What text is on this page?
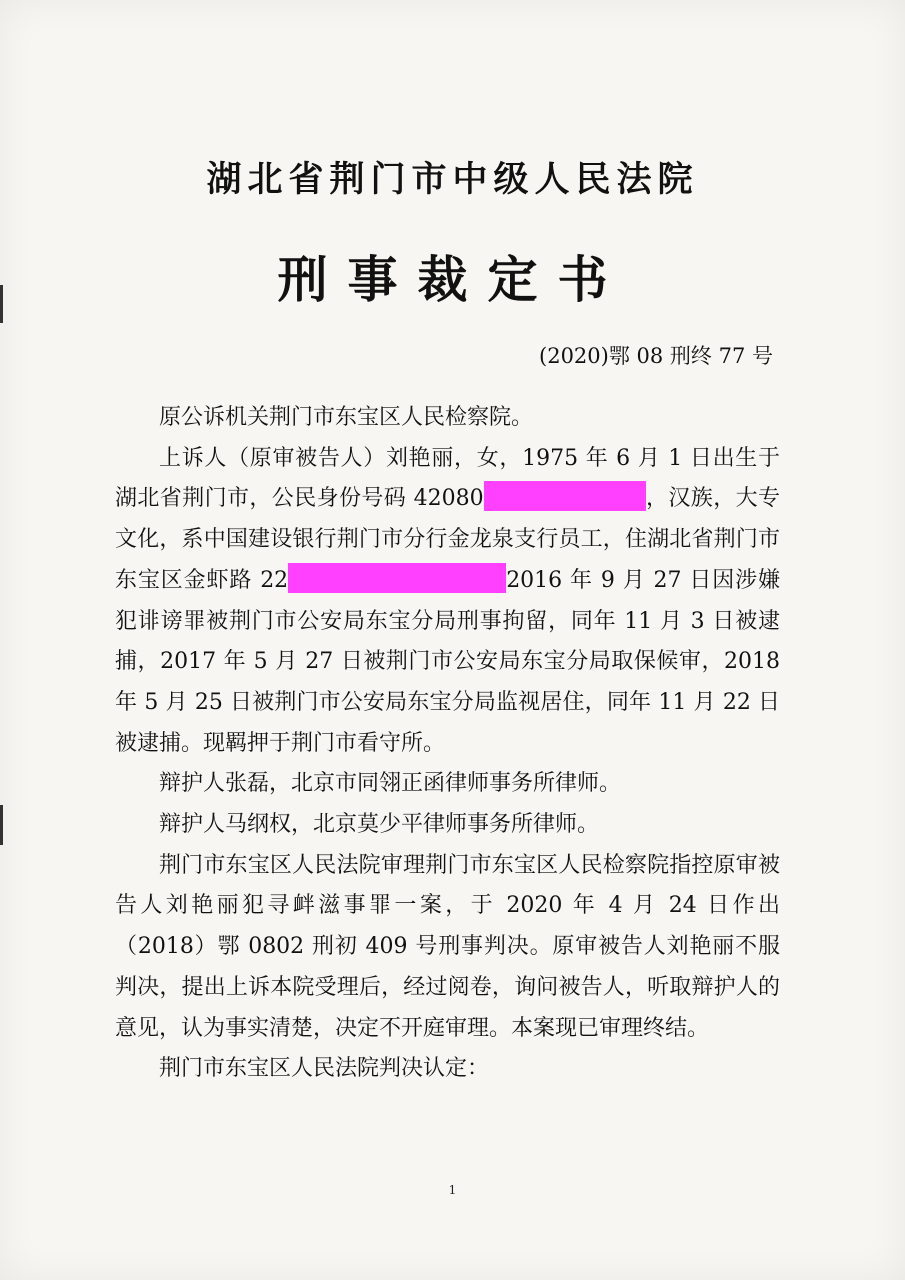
湖北省荆门市中级人民法院
刑事裁定书
(2020)鄂 08 刑终 77 号

原公诉机关荆门市东宝区人民检察院。

上诉人（原审被告人）刘艳丽，女，1975 年 6 月 1 日出生于湖北省荆门市，公民身份号码 42080	，汉族，大专文化，系中国建设银行荆门市分行金龙泉支行员工，住湖北省荆门市东宝区金虾路 22	2016 年 9 月 27 日因涉嫌犯诽谤罪被荆门市公安局东宝分局刑事拘留，同年 11 月 3 日被逮捕，2017 年 5 月 27 日被荆门市公安局东宝分局取保候审，2018 年 5 月 25 日被荆门市公安局东宝分局监视居住，同年 11 月 22 日被逮捕。现羁押于荆门市看守所。

辩护人张磊，北京市同翎正函律师事务所律师。

辩护人马纲权，北京莫少平律师事务所律师。

荆门市东宝区人民法院审理荆门市东宝区人民检察院指控原审被告人刘艳丽犯寻衅滋事罪一案，于 2020 年 4 月 24 日作出（2018）鄂 0802 刑初 409 号刑事判决。原审被告人刘艳丽不服判决，提出上诉本院受理后，经过阅卷，询问被告人，听取辩护人的意见，认为事实清楚，决定不开庭审理。本案现已审理终结。

荆门市东宝区人民法院判决认定：

1
